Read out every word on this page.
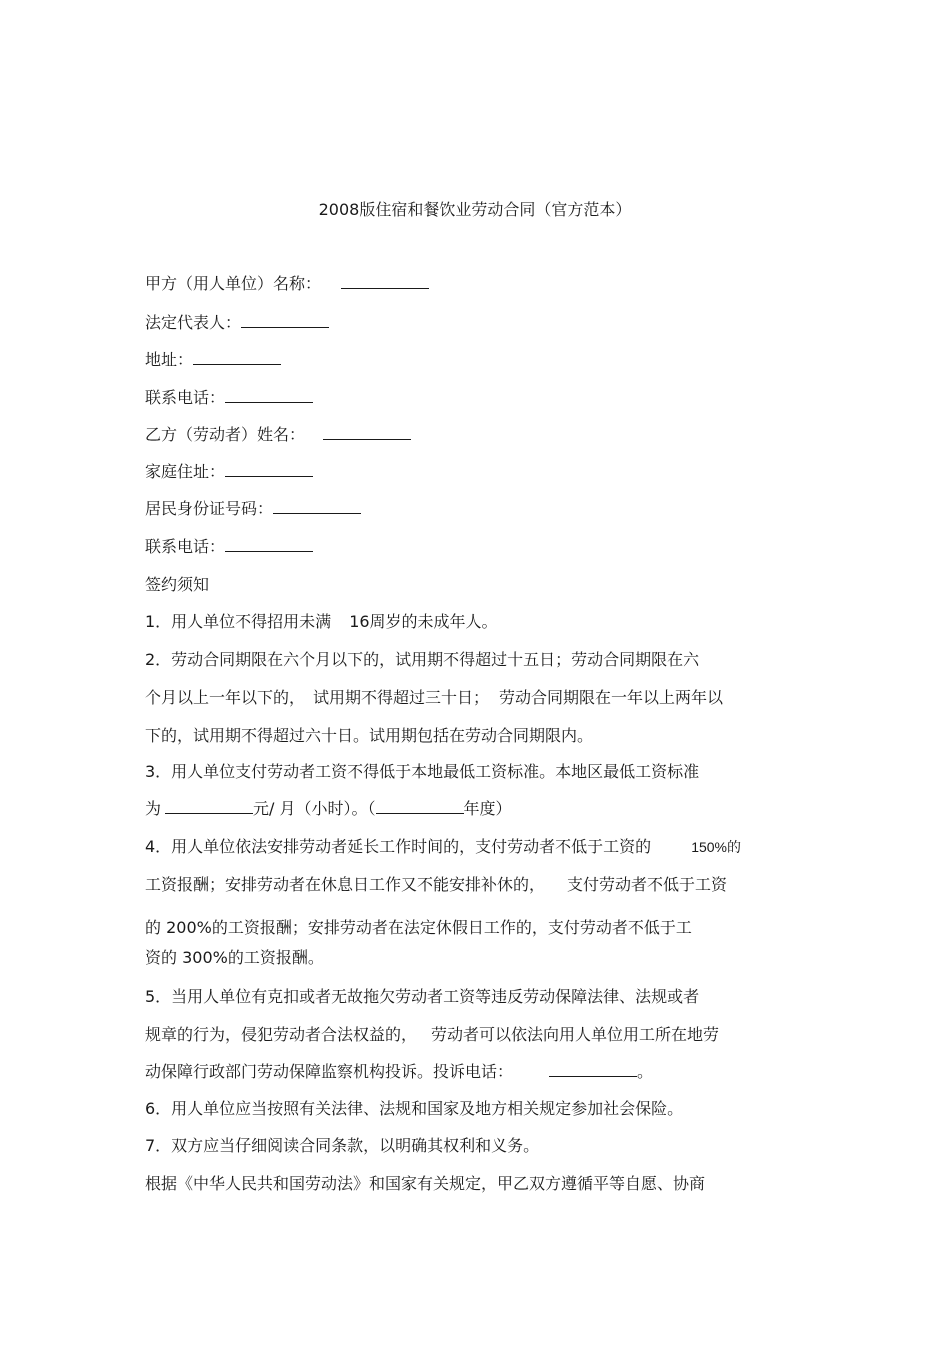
2008版住宿和餐饮业劳动合同（官方范本）
甲方（用人单位）名称：
法定代表人：
地址：
联系电话：
乙方（劳动者）姓名：
家庭住址：
居民身份证号码：
联系电话：
签约须知
1．用人单位不得招用未满 16周岁的未成年人。
2．劳动合同期限在六个月以下的，试用期不得超过十五日；劳动合同期限在六
个月以上一年以下的， 试用期不得超过三十日； 劳动合同期限在一年以上两年以
下的，试用期不得超过六十日。试用期包括在劳动合同期限内。
3．用人单位支付劳动者工资不得低于本地最低工资标准。本地区最低工资标准
为	元/ 月（小时）。（	年度）
4．用人单位依法安排劳动者延长工作时间的，支付劳动者不低于工资的	150%的
工资报酬；安排劳动者在休息日工作又不能安排补休的， 支付劳动者不低于工资
的 200%的工资报酬；安排劳动者在法定休假日工作的，支付劳动者不低于工
资的 300%的工资报酬。
5．当用人单位有克扣或者无故拖欠劳动者工资等违反劳动保障法律、法规或者
规章的行为，侵犯劳动者合法权益的， 劳动者可以依法向用人单位用工所在地劳
动保障行政部门劳动保障监察机构投诉。投诉电话：	。
6．用人单位应当按照有关法律、法规和国家及地方相关规定参加社会保险。
7．双方应当仔细阅读合同条款，以明确其权利和义务。
根据《中华人民共和国劳动法》和国家有关规定，甲乙双方遵循平等自愿、协商
